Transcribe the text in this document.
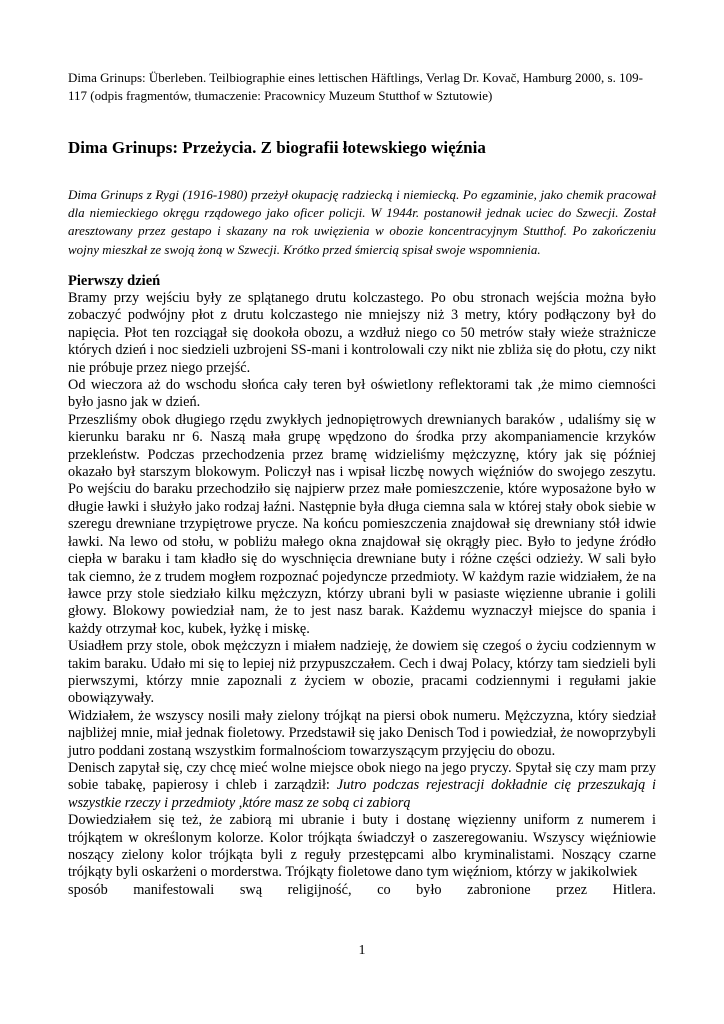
Dima Grinups: Überleben. Teilbiographie eines lettischen Häftlings, Verlag Dr. Kovač, Hamburg 2000, s. 109-117 (odpis fragmentów, tłumaczenie: Pracownicy Muzeum Stutthof w Sztutowie)
Dima Grinups: Przeżycia. Z biografii łotewskiego więźnia
Dima Grinups z Rygi (1916-1980) przeżył okupację radziecką i niemiecką. Po egzaminie, jako chemik pracował dla niemieckiego okręgu rządowego jako oficer policji. W 1944r. postanowił jednak uciec do Szwecji. Został aresztowany przez gestapo i skazany na rok uwięzienia w obozie koncentracyjnym Stutthof. Po zakończeniu wojny mieszkał ze swoją żoną w Szwecji. Krótko przed śmiercią spisał swoje wspomnienia.
Pierwszy dzień

Bramy przy wejściu były ze splątanego drutu kolczastego. Po obu stronach wejścia można było zobaczyć podwójny płot z drutu kolczastego nie mniejszy niż 3 metry, który podłączony był do napięcia. Płot ten rozciągał się dookoła obozu, a wzdłuż niego co 50 metrów stały wieże strażnicze których dzień i noc siedzieli uzbrojeni SS-mani i kontrolowali czy nikt nie zbliża się do płotu, czy nikt nie próbuje przez niego przejść.

Od wieczora aż do wschodu słońca cały teren był oświetlony reflektorami tak ,że mimo ciemności było jasno jak w dzień.

Przeszliśmy obok długiego rzędu zwykłych jednopiętrowych drewnianych baraków , udaliśmy się w kierunku baraku nr 6. Naszą mała grupę wpędzono do środka przy akompaniamencie krzyków przekleństw. Podczas przechodzenia przez bramę widzieliśmy mężczyznę, który jak się później okazało był starszym blokowym. Policzył nas i wpisał liczbę nowych więźniów do swojego zeszytu. Po wejściu do baraku przechodziło się najpierw przez małe pomieszczenie, które wyposażone było w długie ławki i służyło jako rodzaj łaźni. Następnie była długa ciemna sala w której stały obok siebie w szeregu drewniane trzypiętrowe prycze. Na końcu pomieszczenia znajdował się drewniany stół idwie ławki. Na lewo od stołu, w pobliżu małego okna znajdował się okrągły piec. Było to jedyne źródło ciepła w baraku i tam kładło się do wyschnięcia drewniane buty i różne części odzieży. W sali było tak ciemno, że z trudem mogłem rozpoznać pojedyncze przedmioty. W każdym razie widziałem, że na ławce przy stole siedziało kilku mężczyzn, którzy ubrani byli w pasiaste więzienne ubranie i golili głowy. Blokowy powiedział nam, że to jest nasz barak. Każdemu wyznaczył miejsce do spania i każdy otrzymał koc, kubek, łyżkę i miskę.

Usiadłem przy stole, obok mężczyzn i miałem nadzieję, że dowiem się czegoś o życiu codziennym w takim baraku. Udało mi się to lepiej niż przypuszczałem. Cech i dwaj Polacy, którzy tam siedzieli byli pierwszymi, którzy mnie zapoznali z życiem w obozie, pracami codziennymi i regułami jakie obowiązywały.

Widziałem, że wszyscy nosili mały zielony trójkąt na piersi obok numeru. Mężczyzna, który siedział najbliżej mnie, miał jednak fioletowy. Przedstawił się jako Denisch Tod i powiedział, że nowoprzybyli jutro poddani zostaną wszystkim formalnościom towarzyszącym przyjęciu do obozu.

Denisch zapytał się, czy chcę mieć wolne miejsce obok niego na jego pryczy. Spytał się czy mam przy sobie tabakę, papierosy i chleb i zarządził: Jutro podczas rejestracji dokładnie cię przeszukają i wszystkie rzeczy i przedmioty ,które masz ze sobą ci zabiorą

Dowiedziałem się też, że zabiorą mi ubranie i buty i dostanę więzienny uniform z numerem i trójkątem w określonym kolorze. Kolor trójkąta świadczył o zaszeregowaniu. Wszyscy więźniowie noszący zielony kolor trójkąta byli z reguły przestępcami albo kryminalistami. Noszący czarne trójkąty byli oskarżeni o morderstwa. Trójkąty fioletowe dano tym więźniom, którzy w jakikolwiek

sposób manifestowali swą religijność, co było zabronione przez Hitlera.
1
